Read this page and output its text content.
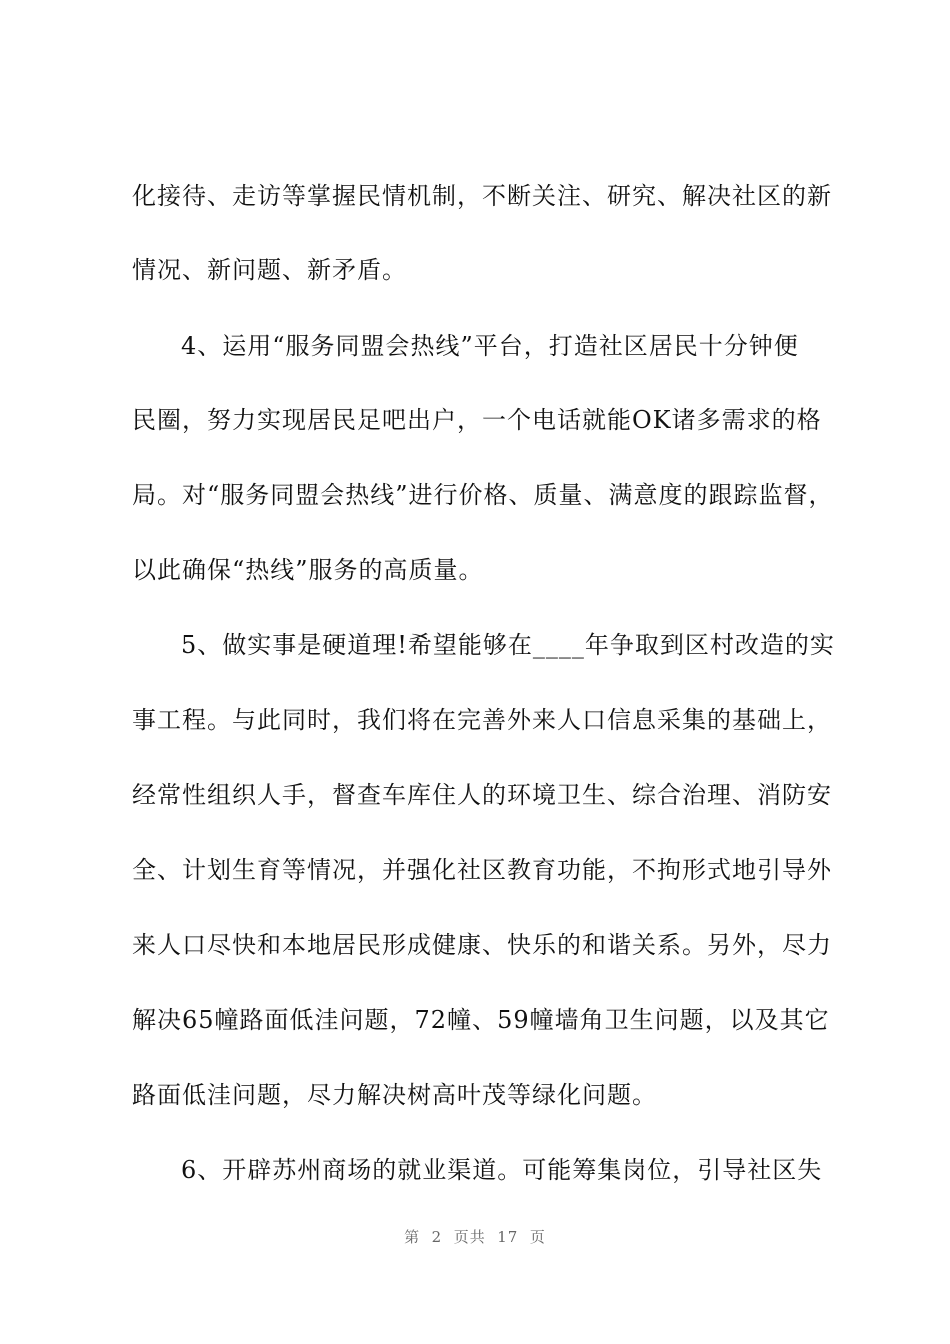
化接待、走访等掌握民情机制，不断关注、研究、解决社区的新
情况、新问题、新矛盾。
4、运用“服务同盟会热线”平台，打造社区居民十分钟便
民圈，努力实现居民足吧出户，一个电话就能OK诸多需求的格
局。对“服务同盟会热线”进行价格、质量、满意度的跟踪监督，
以此确保“热线”服务的高质量。
5、做实事是硬道理!希望能够在____年争取到区村改造的实
事工程。与此同时，我们将在完善外来人口信息采集的基础上，
经常性组织人手，督查车库住人的环境卫生、综合治理、消防安
全、计划生育等情况，并强化社区教育功能，不拘形式地引导外
来人口尽快和本地居民形成健康、快乐的和谐关系。另外，尽力
解决65幢路面低洼问题，72幢、59幢墙角卫生问题，以及其它
路面低洼问题，尽力解决树高叶茂等绿化问题。
6、开辟苏州商场的就业渠道。可能筹集岗位，引导社区失
第  2  页共  17  页
